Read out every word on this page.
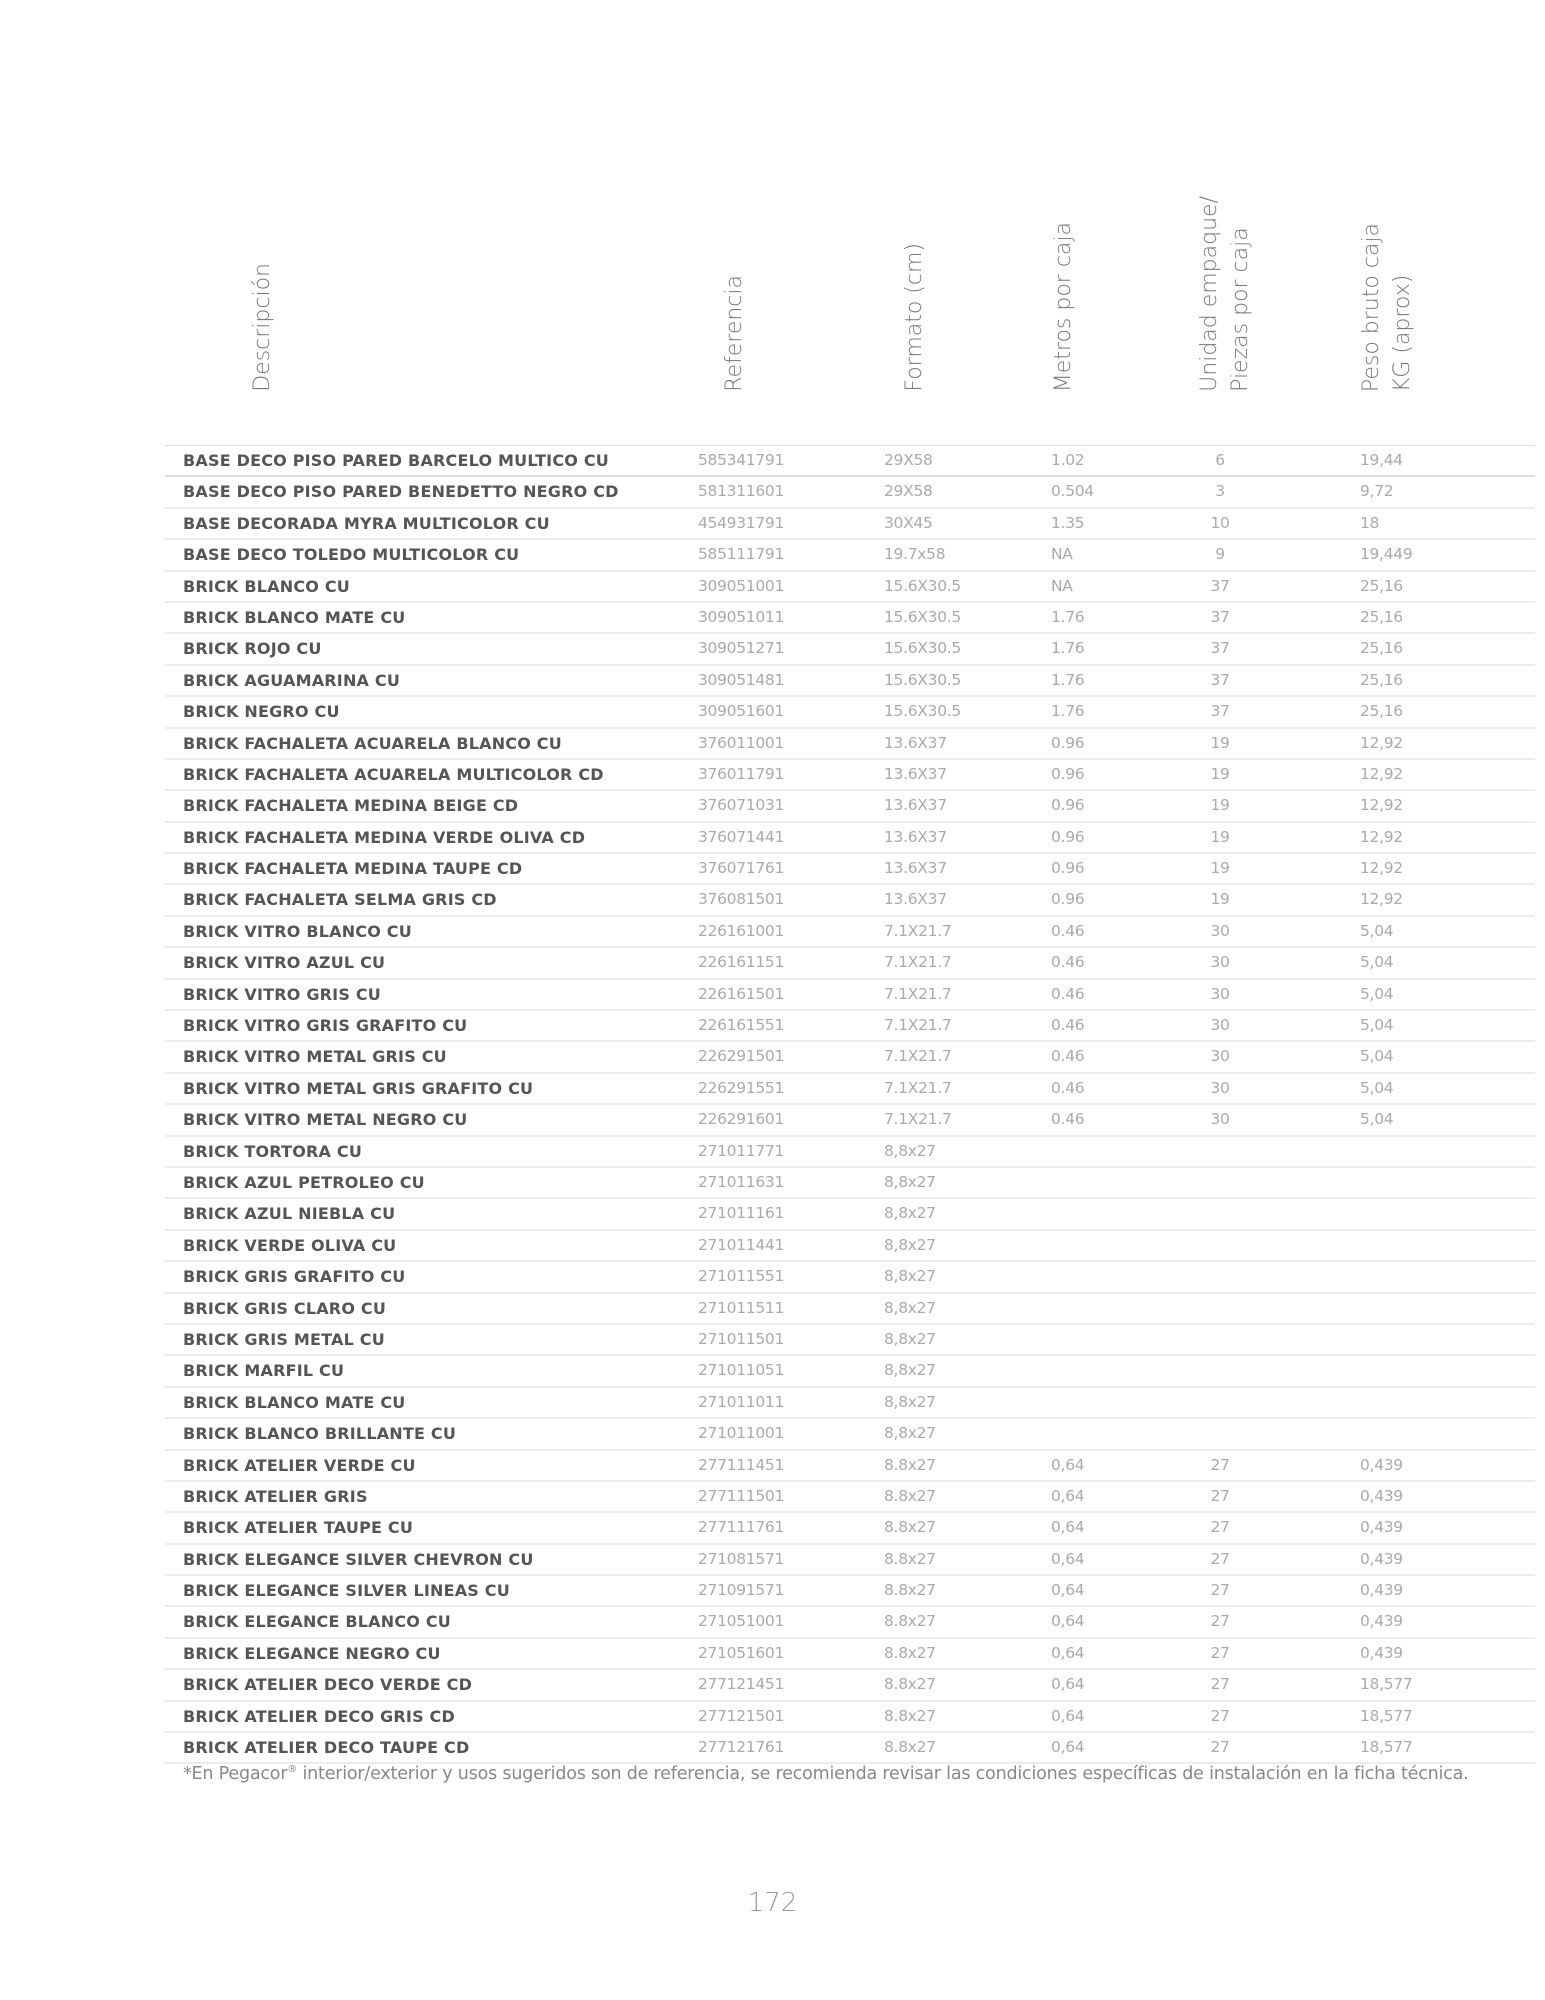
Descripción	Referencia	Formato (cm)	Metros por caja	Unidad empaque/ Piezas por caja	Peso bruto caja KG (aprox)
BASE DECO PISO PARED BARCELO MULTICO CU	585341791	29X58	1.02	6	19,44
BASE DECO PISO PARED BENEDETTO NEGRO CD	581311601	29X58	0.504	3	9,72
BASE DECORADA MYRA MULTICOLOR CU	454931791	30X45	1.35	10	18
BASE DECO TOLEDO MULTICOLOR CU	585111791	19.7x58	NA	9	19,449
BRICK BLANCO CU	309051001	15.6X30.5	NA	37	25,16
BRICK BLANCO MATE CU	309051011	15.6X30.5	1.76	37	25,16
BRICK ROJO CU	309051271	15.6X30.5	1.76	37	25,16
BRICK AGUAMARINA CU	309051481	15.6X30.5	1.76	37	25,16
BRICK NEGRO CU	309051601	15.6X30.5	1.76	37	25,16
BRICK FACHALETA ACUARELA BLANCO CU	376011001	13.6X37	0.96	19	12,92
BRICK FACHALETA ACUARELA MULTICOLOR CD	376011791	13.6X37	0.96	19	12,92
BRICK FACHALETA MEDINA BEIGE CD	376071031	13.6X37	0.96	19	12,92
BRICK FACHALETA MEDINA VERDE OLIVA CD	376071441	13.6X37	0.96	19	12,92
BRICK FACHALETA MEDINA TAUPE CD	376071761	13.6X37	0.96	19	12,92
BRICK FACHALETA SELMA GRIS CD	376081501	13.6X37	0.96	19	12,92
BRICK VITRO BLANCO CU	226161001	7.1X21.7	0.46	30	5,04
BRICK VITRO AZUL CU	226161151	7.1X21.7	0.46	30	5,04
BRICK VITRO GRIS CU	226161501	7.1X21.7	0.46	30	5,04
BRICK VITRO GRIS GRAFITO CU	226161551	7.1X21.7	0.46	30	5,04
BRICK VITRO METAL GRIS CU	226291501	7.1X21.7	0.46	30	5,04
BRICK VITRO METAL GRIS GRAFITO CU	226291551	7.1X21.7	0.46	30	5,04
BRICK VITRO METAL NEGRO CU	226291601	7.1X21.7	0.46	30	5,04
BRICK TORTORA CU	271011771	8,8x27
BRICK AZUL PETROLEO CU	271011631	8,8x27
BRICK AZUL NIEBLA CU	271011161	8,8x27
BRICK VERDE OLIVA CU	271011441	8,8x27
BRICK GRIS GRAFITO CU	271011551	8,8x27
BRICK GRIS CLARO CU	271011511	8,8x27
BRICK GRIS METAL CU	271011501	8,8x27
BRICK MARFIL CU	271011051	8,8x27
BRICK BLANCO MATE CU	271011011	8,8x27
BRICK BLANCO BRILLANTE CU	271011001	8,8x27
BRICK ATELIER VERDE CU	277111451	8.8x27	0,64	27	0,439
BRICK ATELIER GRIS	277111501	8.8x27	0,64	27	0,439
BRICK ATELIER TAUPE CU	277111761	8.8x27	0,64	27	0,439
BRICK ELEGANCE SILVER CHEVRON CU	271081571	8.8x27	0,64	27	0,439
BRICK ELEGANCE SILVER LINEAS CU	271091571	8.8x27	0,64	27	0,439
BRICK ELEGANCE BLANCO CU	271051001	8.8x27	0,64	27	0,439
BRICK ELEGANCE NEGRO CU	271051601	8.8x27	0,64	27	0,439
BRICK ATELIER DECO VERDE CD	277121451	8.8x27	0,64	27	18,577
BRICK ATELIER DECO GRIS CD	277121501	8.8x27	0,64	27	18,577
BRICK ATELIER DECO TAUPE CD	277121761	8.8x27	0,64	27	18,577
*En Pegacor® interior/exterior y usos sugeridos son de referencia, se recomienda revisar las condiciones específicas de instalación en la ficha técnica.
172
